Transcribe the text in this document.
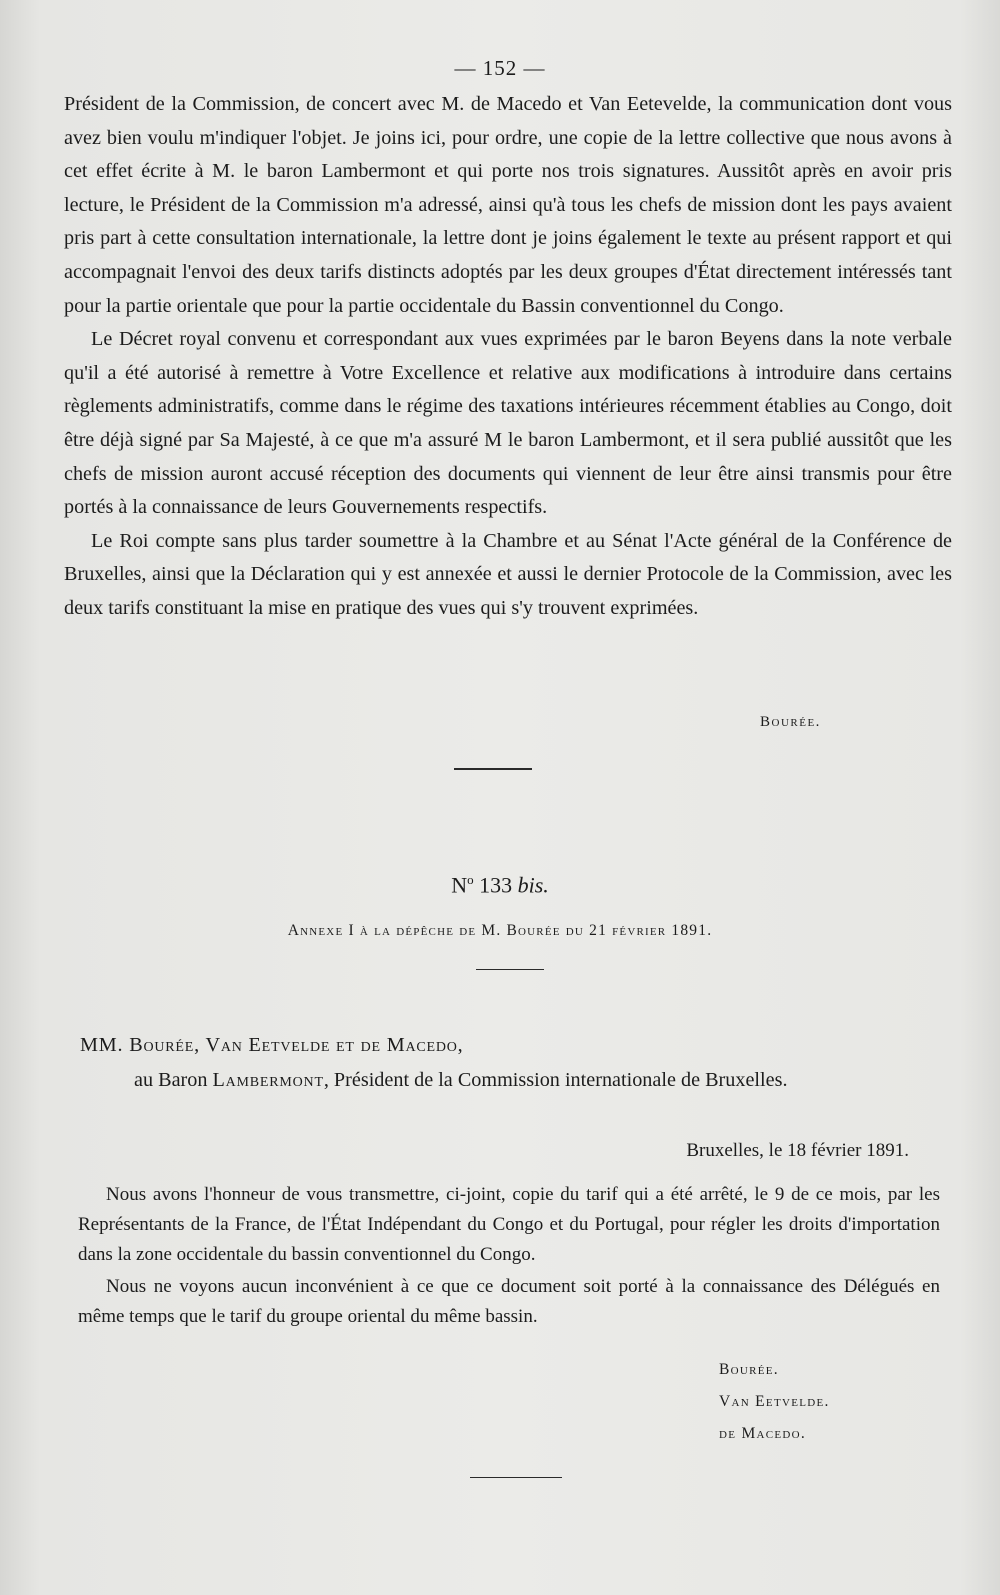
— 152 —

Président de la Commission, de concert avec M. de Macedo et Van Eetevelde, la communication dont vous avez bien voulu m'indiquer l'objet. Je joins ici, pour ordre, une copie de la lettre collective que nous avons à cet effet écrite à M. le baron Lambermont et qui porte nos trois signatures. Aussitôt après en avoir pris lecture, le Président de la Commission m'a adressé, ainsi qu'à tous les chefs de mission dont les pays avaient pris part à cette consultation internationale, la lettre dont je joins également le texte au présent rapport et qui accompagnait l'envoi des deux tarifs distincts adoptés par les deux groupes d'État directement intéressés tant pour la partie orientale que pour la partie occidentale du Bassin conventionnel du Congo.

Le Décret royal convenu et correspondant aux vues exprimées par le baron Beyens dans la note verbale qu'il a été autorisé à remettre à Votre Excellence et relative aux modifications à introduire dans certains règlements administratifs, comme dans le régime des taxations intérieures récemment établies au Congo, doit être déjà signé par Sa Majesté, à ce que m'a assuré M le baron Lambermont, et il sera publié aussitôt que les chefs de mission auront accusé réception des documents qui viennent de leur être ainsi transmis pour être portés à la connaissance de leurs Gouvernements respectifs.

Le Roi compte sans plus tarder soumettre à la Chambre et au Sénat l'Acte général de la Conférence de Bruxelles, ainsi que la Déclaration qui y est annexée et aussi le dernier Protocole de la Commission, avec les deux tarifs constituant la mise en pratique des vues qui s'y trouvent exprimées.

Bourée.
$N^o$ 133 bis.
Annexe I à la dépêche de M. Bourée du 21 février 1891.
MM. Bourée, Van Eetvelde et de Macedo,
au Baron Lambermont, Président de la Commission internationale de Bruxelles.
Bruxelles, le 18 février 1891.

Nous avons l'honneur de vous transmettre, ci-joint, copie du tarif qui a été arrêté, le 9 de ce mois, par les Représentants de la France, de l'État Indépendant du Congo et du Portugal, pour régler les droits d'importation dans la zone occidentale du bassin conventionnel du Congo.

Nous ne voyons aucun inconvénient à ce que ce document soit porté à la connaissance des Délégués en même temps que le tarif du groupe oriental du même bassin.

Bourée.
Van Eetvelde.
de Macedo.
